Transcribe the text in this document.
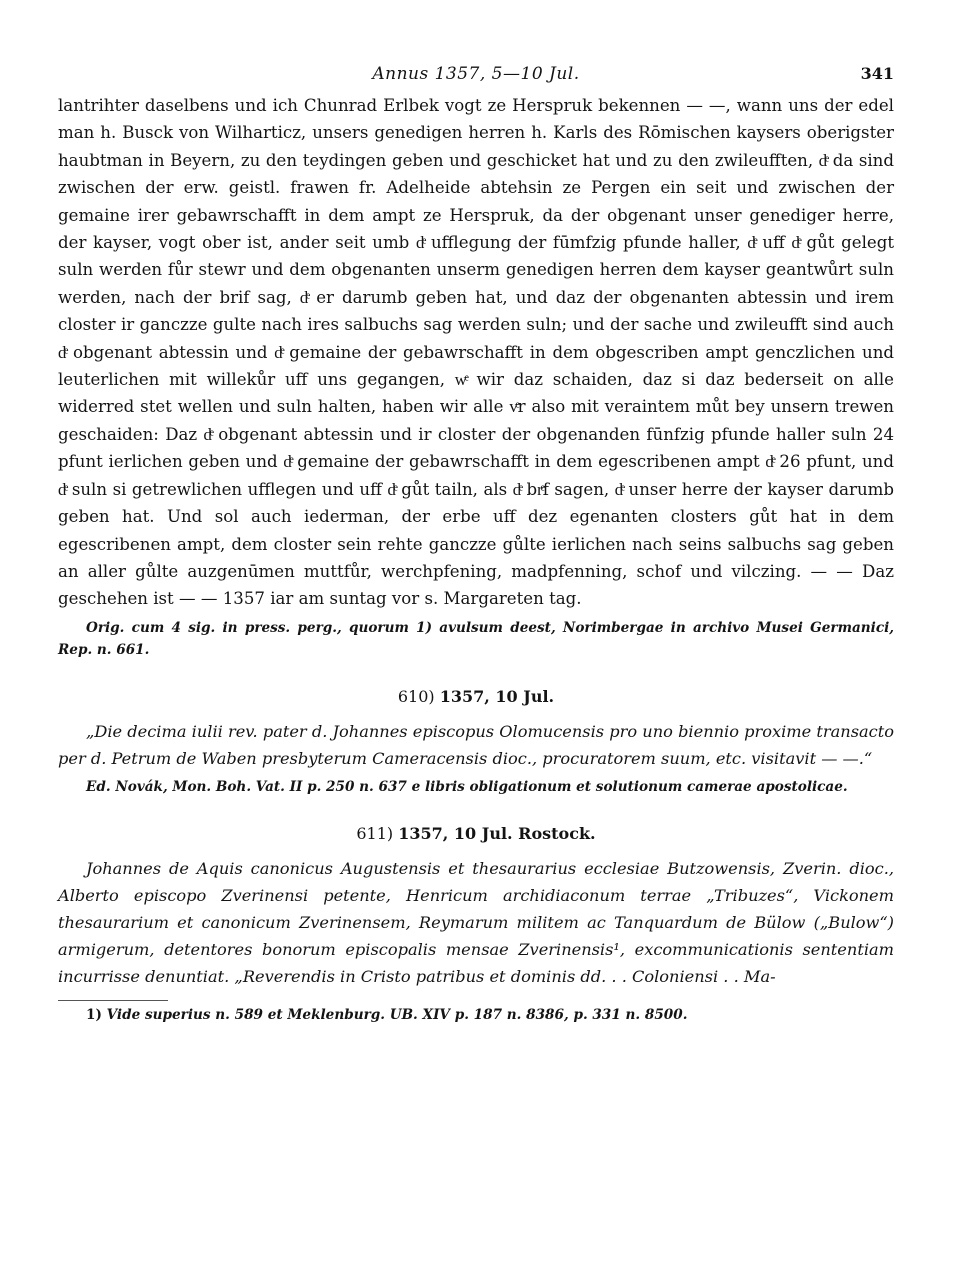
Annus 1357, 5—10 Jul.	341

lantrihter daselbens und ich Chunrad Erlbek vogt ze Herspruk bekennen — —, wann uns der edel man h. Busck von Wilharticz, unsers genedigen herren h. Karls des Rōmischen kaysers oberigster haubtman in Beyern, zu den teydingen geben und geschicket hat und zu den zwileufften, dͤ da sind zwischen der erw. geistl. frawen fr. Adelheide abtehsin ze Pergen ein seit und zwischen der gemaine irer gebawrschafft in dem ampt ze Herspruk, da der obgenant unser genediger herre, der kayser, vogt ober ist, ander seit umb dͤ ufflegung der fūmfzig pfunde haller, dͤ uff dͤ gůt gelegt suln werden fůr stewr und dem obgenanten unserm genedigen herren dem kayser geantwůrt suln werden, nach der brif sag, dͤ er darumb geben hat, und daz der obgenanten abtessin und irem closter ir ganczze gulte nach ires salbuchs sag werden suln; und der sache und zwileufft sind auch dͤ obgenant abtessin und dͤ gemaine der gebawrschafft in dem obgescriben ampt genczlichen und leuterlichen mit willekůr uff uns gegangen, wͤ wir daz schaiden, daz si daz bederseit on alle widerred stet wellen und suln halten, haben wir alle vͤr also mit veraintem můt bey unsern trewen geschaiden: Daz dͤ obgenant abtessin und ir closter der obgenanden fūnfzig pfunde haller suln 24 pfunt ierlichen geben und dͤ gemaine der gebawrschafft in dem egescribenen ampt dͤ 26 pfunt, und dͤ suln si getrewlichen ufflegen und uff dͤ gůt tailn, als dͤ brͤf sagen, dͤ unser herre der kayser darumb geben hat. Und sol auch iederman, der erbe uff dez egenanten closters gůt hat in dem egescribenen ampt, dem closter sein rehte ganczze gůlte ierlichen nach seins salbuchs sag geben an aller gůlte auzgenūmen muttfůr, werchpfening, madpfenning, schof und vilczing. — — Daz geschehen ist — — 1357 iar am suntag vor s. Margareten tag.

Orig. cum 4 sig. in press. perg., quorum 1) avulsum deest, Norimbergae in archivo Musei Germanici, Rep. n. 661.

610) 1357, 10 Jul.

„Die decima iulii rev. pater d. Johannes episcopus Olomucensis pro uno biennio proxime transacto per d. Petrum de Waben presbyterum Cameracensis dioc., procuratorem suum, etc. visitavit — —.“

Ed. Novák, Mon. Boh. Vat. II p. 250 n. 637 e libris obligationum et solutionum camerae apostolicae.

611) 1357, 10 Jul. Rostock.

Johannes de Aquis canonicus Augustensis et thesaurarius ecclesiae Butzowensis, Zverin. dioc., Alberto episcopo Zverinensi petente, Henricum archidiaconum terrae „Tribuzes“, Vickonem thesaurarium et canonicum Zverinensem, Reymarum militem ac Tanquardum de Bülow („Bulow“) armigerum, detentores bonorum episcopalis mensae Zverinensis¹, excommunicationis sententiam incurrisse denuntiat. „Reverendis in Cristo patribus et dominis dd. . . Coloniensi . . Ma-

1) Vide superius n. 589 et Meklenburg. UB. XIV p. 187 n. 8386, p. 331 n. 8500.
